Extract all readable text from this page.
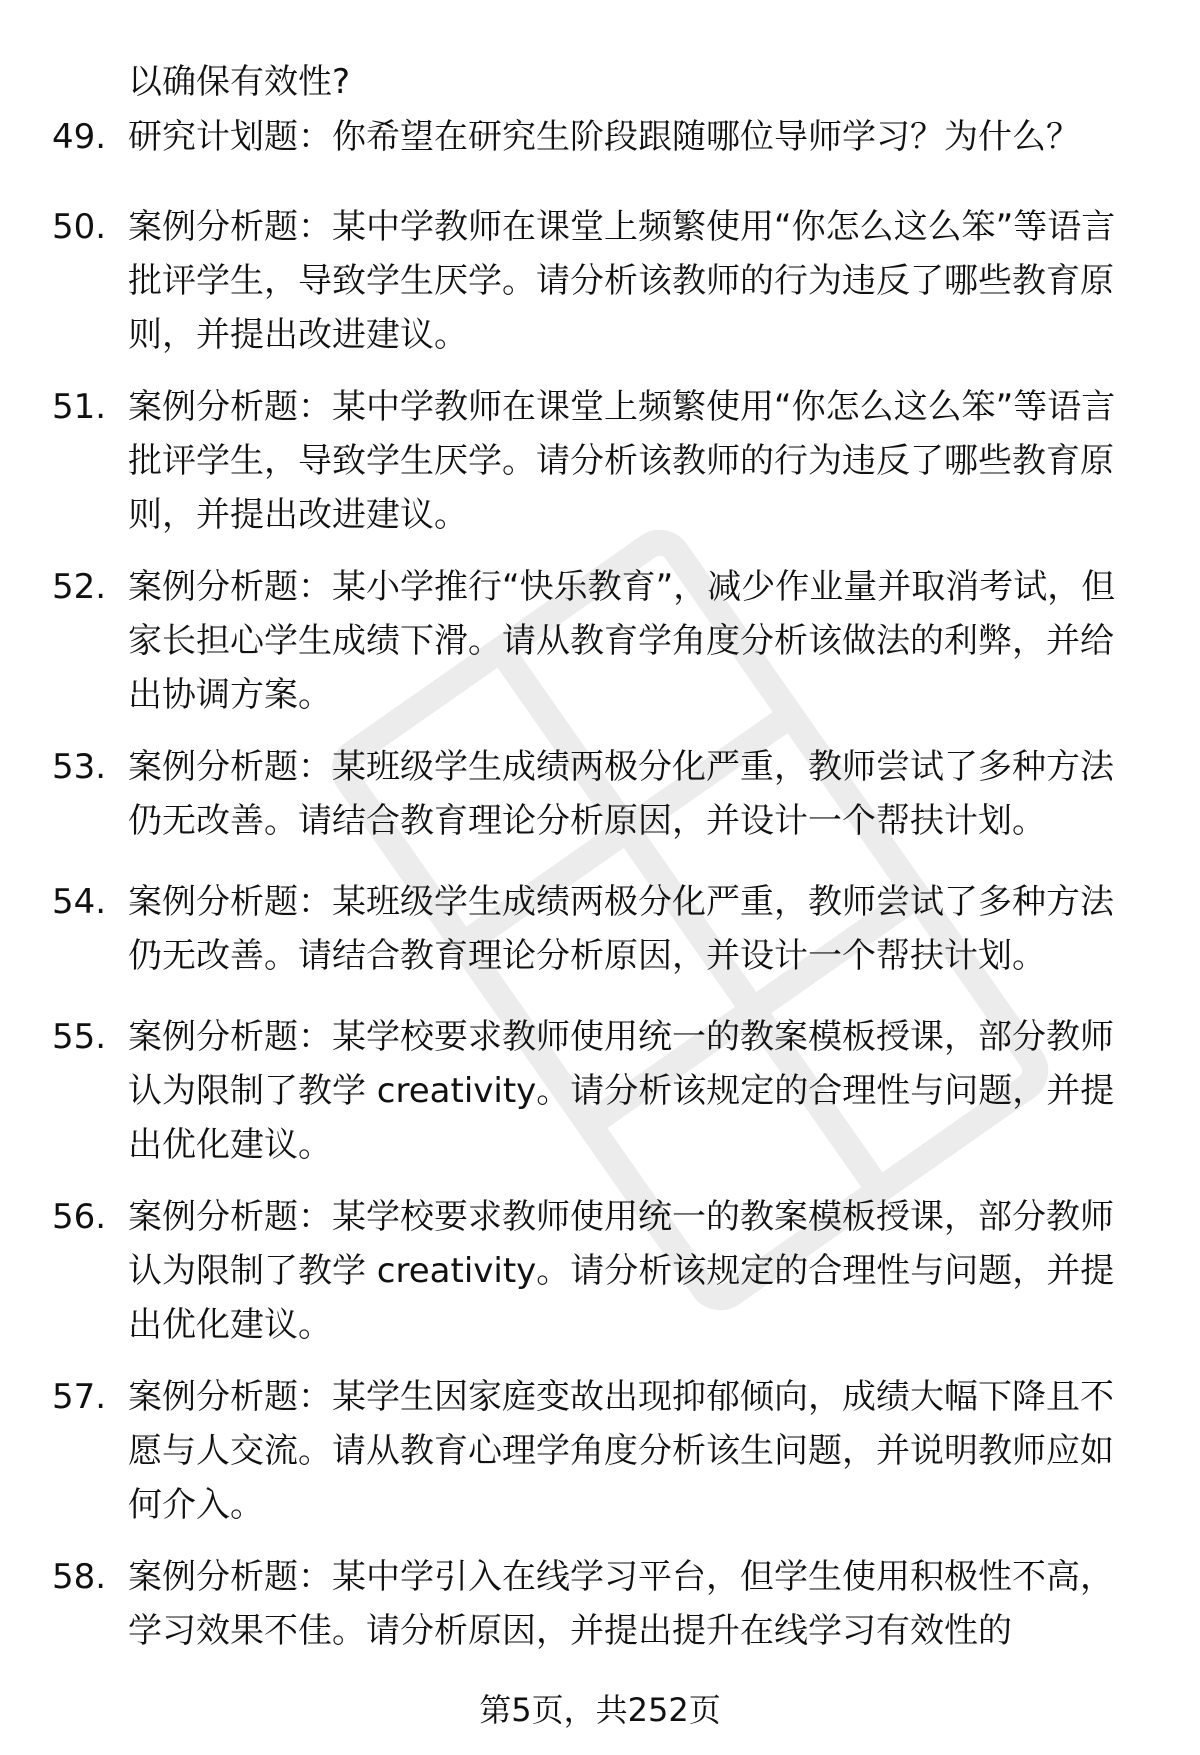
以确保有效性?

49. 研究计划题：你希望在研究生阶段跟随哪位导师学习？为什么？
50. 案例分析题：某中学教师在课堂上频繁使用“你怎么这么笨”等语言批评学生，导致学生厌学。请分析该教师的行为违反了哪些教育原则，并提出改进建议。
51. 案例分析题：某中学教师在课堂上频繁使用“你怎么这么笨”等语言批评学生，导致学生厌学。请分析该教师的行为违反了哪些教育原则，并提出改进建议。
52. 案例分析题：某小学推行“快乐教育”，减少作业量并取消考试，但家长担心学生成绩下滑。请从教育学角度分析该做法的利弊，并给出协调方案。
53. 案例分析题：某班级学生成绩两极分化严重，教师尝试了多种方法仍无改善。请结合教育理论分析原因，并设计一个帮扶计划。
54. 案例分析题：某班级学生成绩两极分化严重，教师尝试了多种方法仍无改善。请结合教育理论分析原因，并设计一个帮扶计划。
55. 案例分析题：某学校要求教师使用统一的教案模板授课，部分教师认为限制了教学 creativity。请分析该规定的合理性与问题，并提出优化建议。
56. 案例分析题：某学校要求教师使用统一的教案模板授课，部分教师认为限制了教学 creativity。请分析该规定的合理性与问题，并提出优化建议。
57. 案例分析题：某学生因家庭变故出现抑郁倾向，成绩大幅下降且不愿与人交流。请从教育心理学角度分析该生问题，并说明教师应如何介入。
58. 案例分析题：某中学引入在线学习平台，但学生使用积极性不高，学习效果不佳。请分析原因，并提出提升在线学习有效性的
第5页，共252页
